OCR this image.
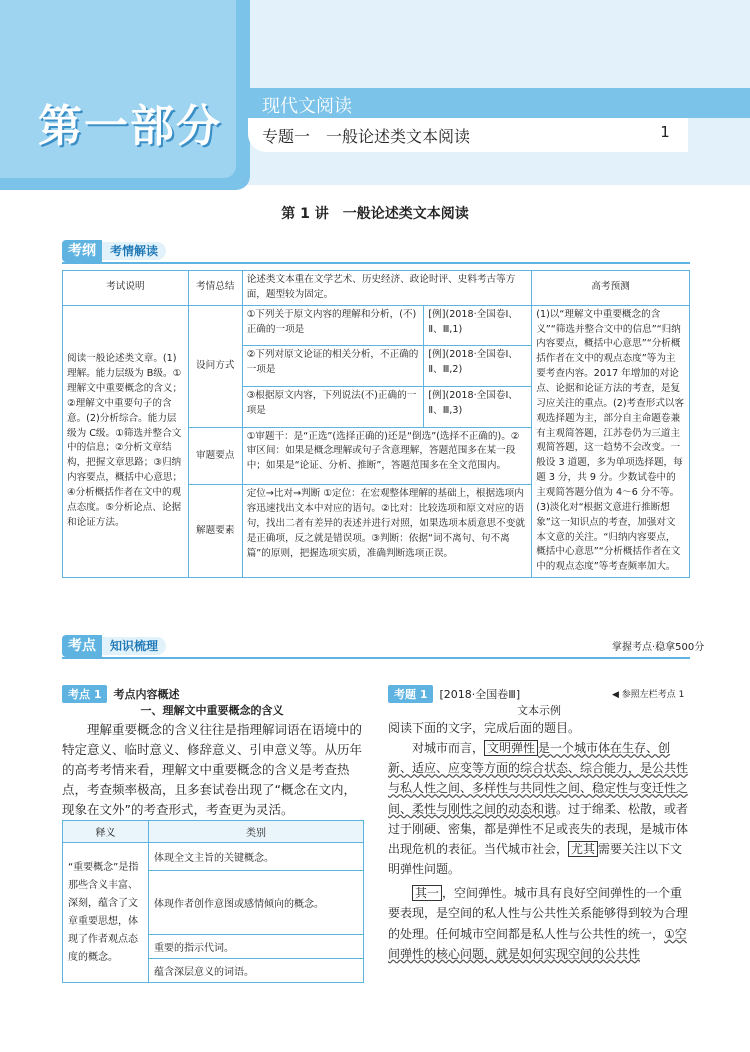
第一部分 现代文阅读
专题一　一般论述类文本阅读	1
第 1 讲　一般论述类文本阅读
考纲	考情解读
考试说明	考情总结	论述类文本重在文学艺术、历史经济、政论时评、史料考古等方面，题型较为固定。		高考预测
阅读一般论述类文章。(1)理解。能力层级为 B级。①理解文中重要概念的含义；②理解文中重要句子的含意。(2)分析综合。能力层级为 C级。①筛选并整合文中的信息；②分析文章结构，把握文章思路；③归纳内容要点，概括中心意思；④分析概括作者在文中的观点态度。⑤分析论点、论据和论证方法。	设问方式	①下列关于原文内容的理解和分析，(不)正确的一项是	[例](2018·全国卷Ⅰ、Ⅱ、Ⅲ,1)	(1)以“理解文中重要概念的含义”“筛选并整合文中的信息”“归纳内容要点，概括中心意思”“分析概括作者在文中的观点态度”等为主要考查内容。2017 年增加的对论点、论据和论证方法的考查，是复习应关注的重点。(2)考查形式以客观选择题为主，部分自主命题卷兼有主观简答题，江苏卷仍为三道主观简答题，这一趋势不会改变。一般设 3 道题，多为单项选择题，每题 3 分，共 9 分。少数试卷中的主观简答题分值为 4～6 分不等。(3)淡化对“根据文意进行推断想象”这一知识点的考查，加强对文本文意的关注。“归纳内容要点，概括中心意思”“分析概括作者在文中的观点态度”等考查频率加大。
		②下列对原文论证的相关分析，不正确的一项是	[例](2018·全国卷Ⅰ、Ⅱ、Ⅲ,2)	
		③根据原文内容，下列说法(不)正确的一项是	[例](2018·全国卷Ⅰ、Ⅱ、Ⅲ,3)	
	审题要点	①审题干：是“正选”(选择正确的)还是“倒选”(选择不正确的)。②审区间：如果是概念理解或句子含意理解，答题范围多在某一段中；如果是“论证、分析、推断”，答题范围多在全文范围内。		
	解题要素	定位→比对→判断 ①定位：在宏观整体理解的基础上，根据选项内容迅速找出文本中对应的语句。②比对：比较选项和原文对应的语句，找出二者有差异的表述并进行对照，如果选项本质意思不变就是正确项，反之就是错误项。③判断：依据“词不离句、句不离篇”的原则，把握选项实质，准确判断选项正误。		
考点	知识梳理	掌握考点·稳拿500分
考点 1	考点内容概述
一、理解文中重要概念的含义
理解重要概念的含义往往是指理解词语在语境中的特定意义、临时意义、修辞意义、引申意义等。从历年的高考考情来看，理解文中重要概念的含义是考查热点，考查频率极高，且多套试卷出现了“概念在文内，现象在文外”的考查形式，考查更为灵活。
释义	类别
“重要概念”是指那些含义丰富、深刻，蕴含了文章重要思想，体现了作者观点态度的概念。	体现全文主旨的关键概念。
	体现作者创作意图或感情倾向的概念。
	重要的指示代词。
	蕴含深层意义的词语。
考题 1	[2018·全国卷Ⅲ]	◀ 参照左栏考点 1
文本示例
阅读下面的文字，完成后面的题目。
对城市而言， 文明弹性 是一个城市体在生存、创新、适应、应变等方面的综合状态、综合能力，是公共性与私人性之间、多样性与共同性之间、稳定性与变迁性之间、柔性与刚性之间的动态和谐。过于绵柔、松散，或者过于刚硬、密集，都是弹性不足或丧失的表现，是城市体出现危机的表征。当代城市社会， 尤其 需要关注以下文明弹性问题。
其一 ，空间弹性。城市具有良好空间弹性的一个重要表现，是空间的私人性与公共性关系能够得到较为合理的处理。任何城市空间都是私人性与公共性的统一，①空间弹性的核心问题，就是如何实现空间的公共性
